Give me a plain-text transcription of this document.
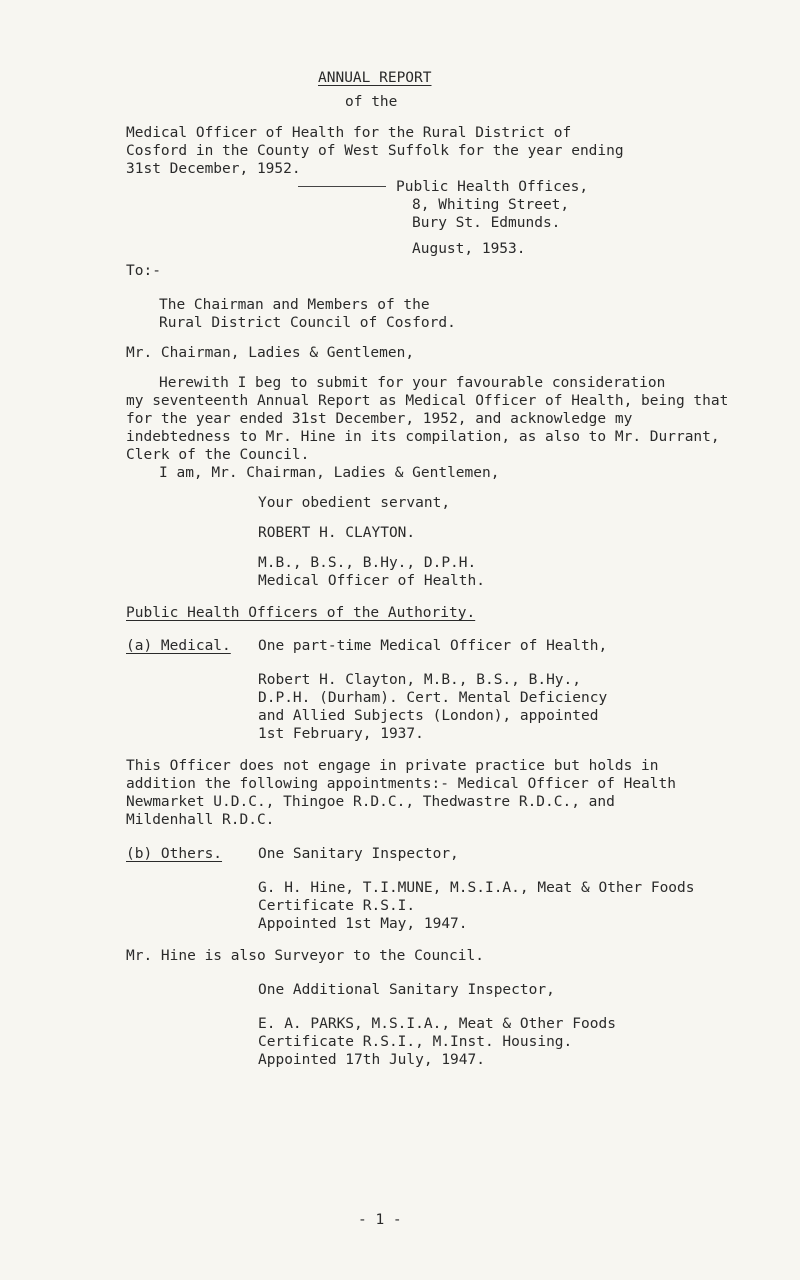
ANNUAL REPORT
of the
Medical Officer of Health for the Rural District of
Cosford in the County of West Suffolk for the year ending
31st December, 1952.
Public Health Offices,
8, Whiting Street,
Bury St. Edmunds.
August, 1953.
To:-
The Chairman and Members of the
Rural District Council of Cosford.
Mr. Chairman, Ladies & Gentlemen,
Herewith I beg to submit for your favourable consideration
my seventeenth Annual Report as Medical Officer of Health, being that
for the year ended 31st December, 1952, and acknowledge my
indebtedness to Mr. Hine in its compilation, as also to Mr. Durrant,
Clerk of the Council.
I am, Mr. Chairman, Ladies & Gentlemen,
Your obedient servant,
ROBERT H. CLAYTON.
M.B., B.S., B.Hy., D.P.H.
Medical Officer of Health.
Public Health Officers of the Authority.
(a) Medical. One part-time Medical Officer of Health,
Robert H. Clayton, M.B., B.S., B.Hy.,
D.P.H. (Durham). Cert. Mental Deficiency
and Allied Subjects (London), appointed
1st February, 1937.
This Officer does not engage in private practice but holds in
addition the following appointments:- Medical Officer of Health
Newmarket U.D.C., Thingoe R.D.C., Thedwastre R.D.C., and
Mildenhall R.D.C.
(b) Others. One Sanitary Inspector,
G. H. Hine, T.I.MUNE, M.S.I.A., Meat & Other Foods
Certificate R.S.I.
Appointed 1st May, 1947.
Mr. Hine is also Surveyor to the Council.
One Additional Sanitary Inspector,
E. A. PARKS, M.S.I.A., Meat & Other Foods
Certificate R.S.I., M.Inst. Housing.
Appointed 17th July, 1947.
- 1 -
